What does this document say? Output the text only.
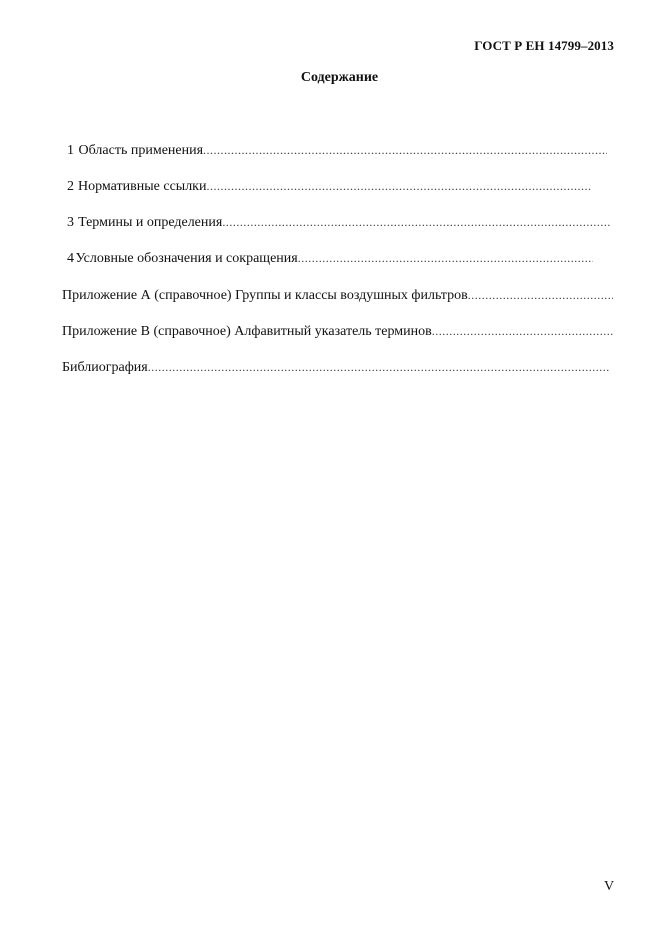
ГОСТ Р ЕН 14799–2013
Содержание
1 Область применения
.....
2 Нормативные ссылки
.....
3 Термины и определения
.....
4 Условные обозначения и сокращения
.....
Приложение А (справочное) Группы и классы воздушных фильтров
.....
Приложение В (справочное) Алфавитный указатель терминов
.....
Библиография
.....
V
